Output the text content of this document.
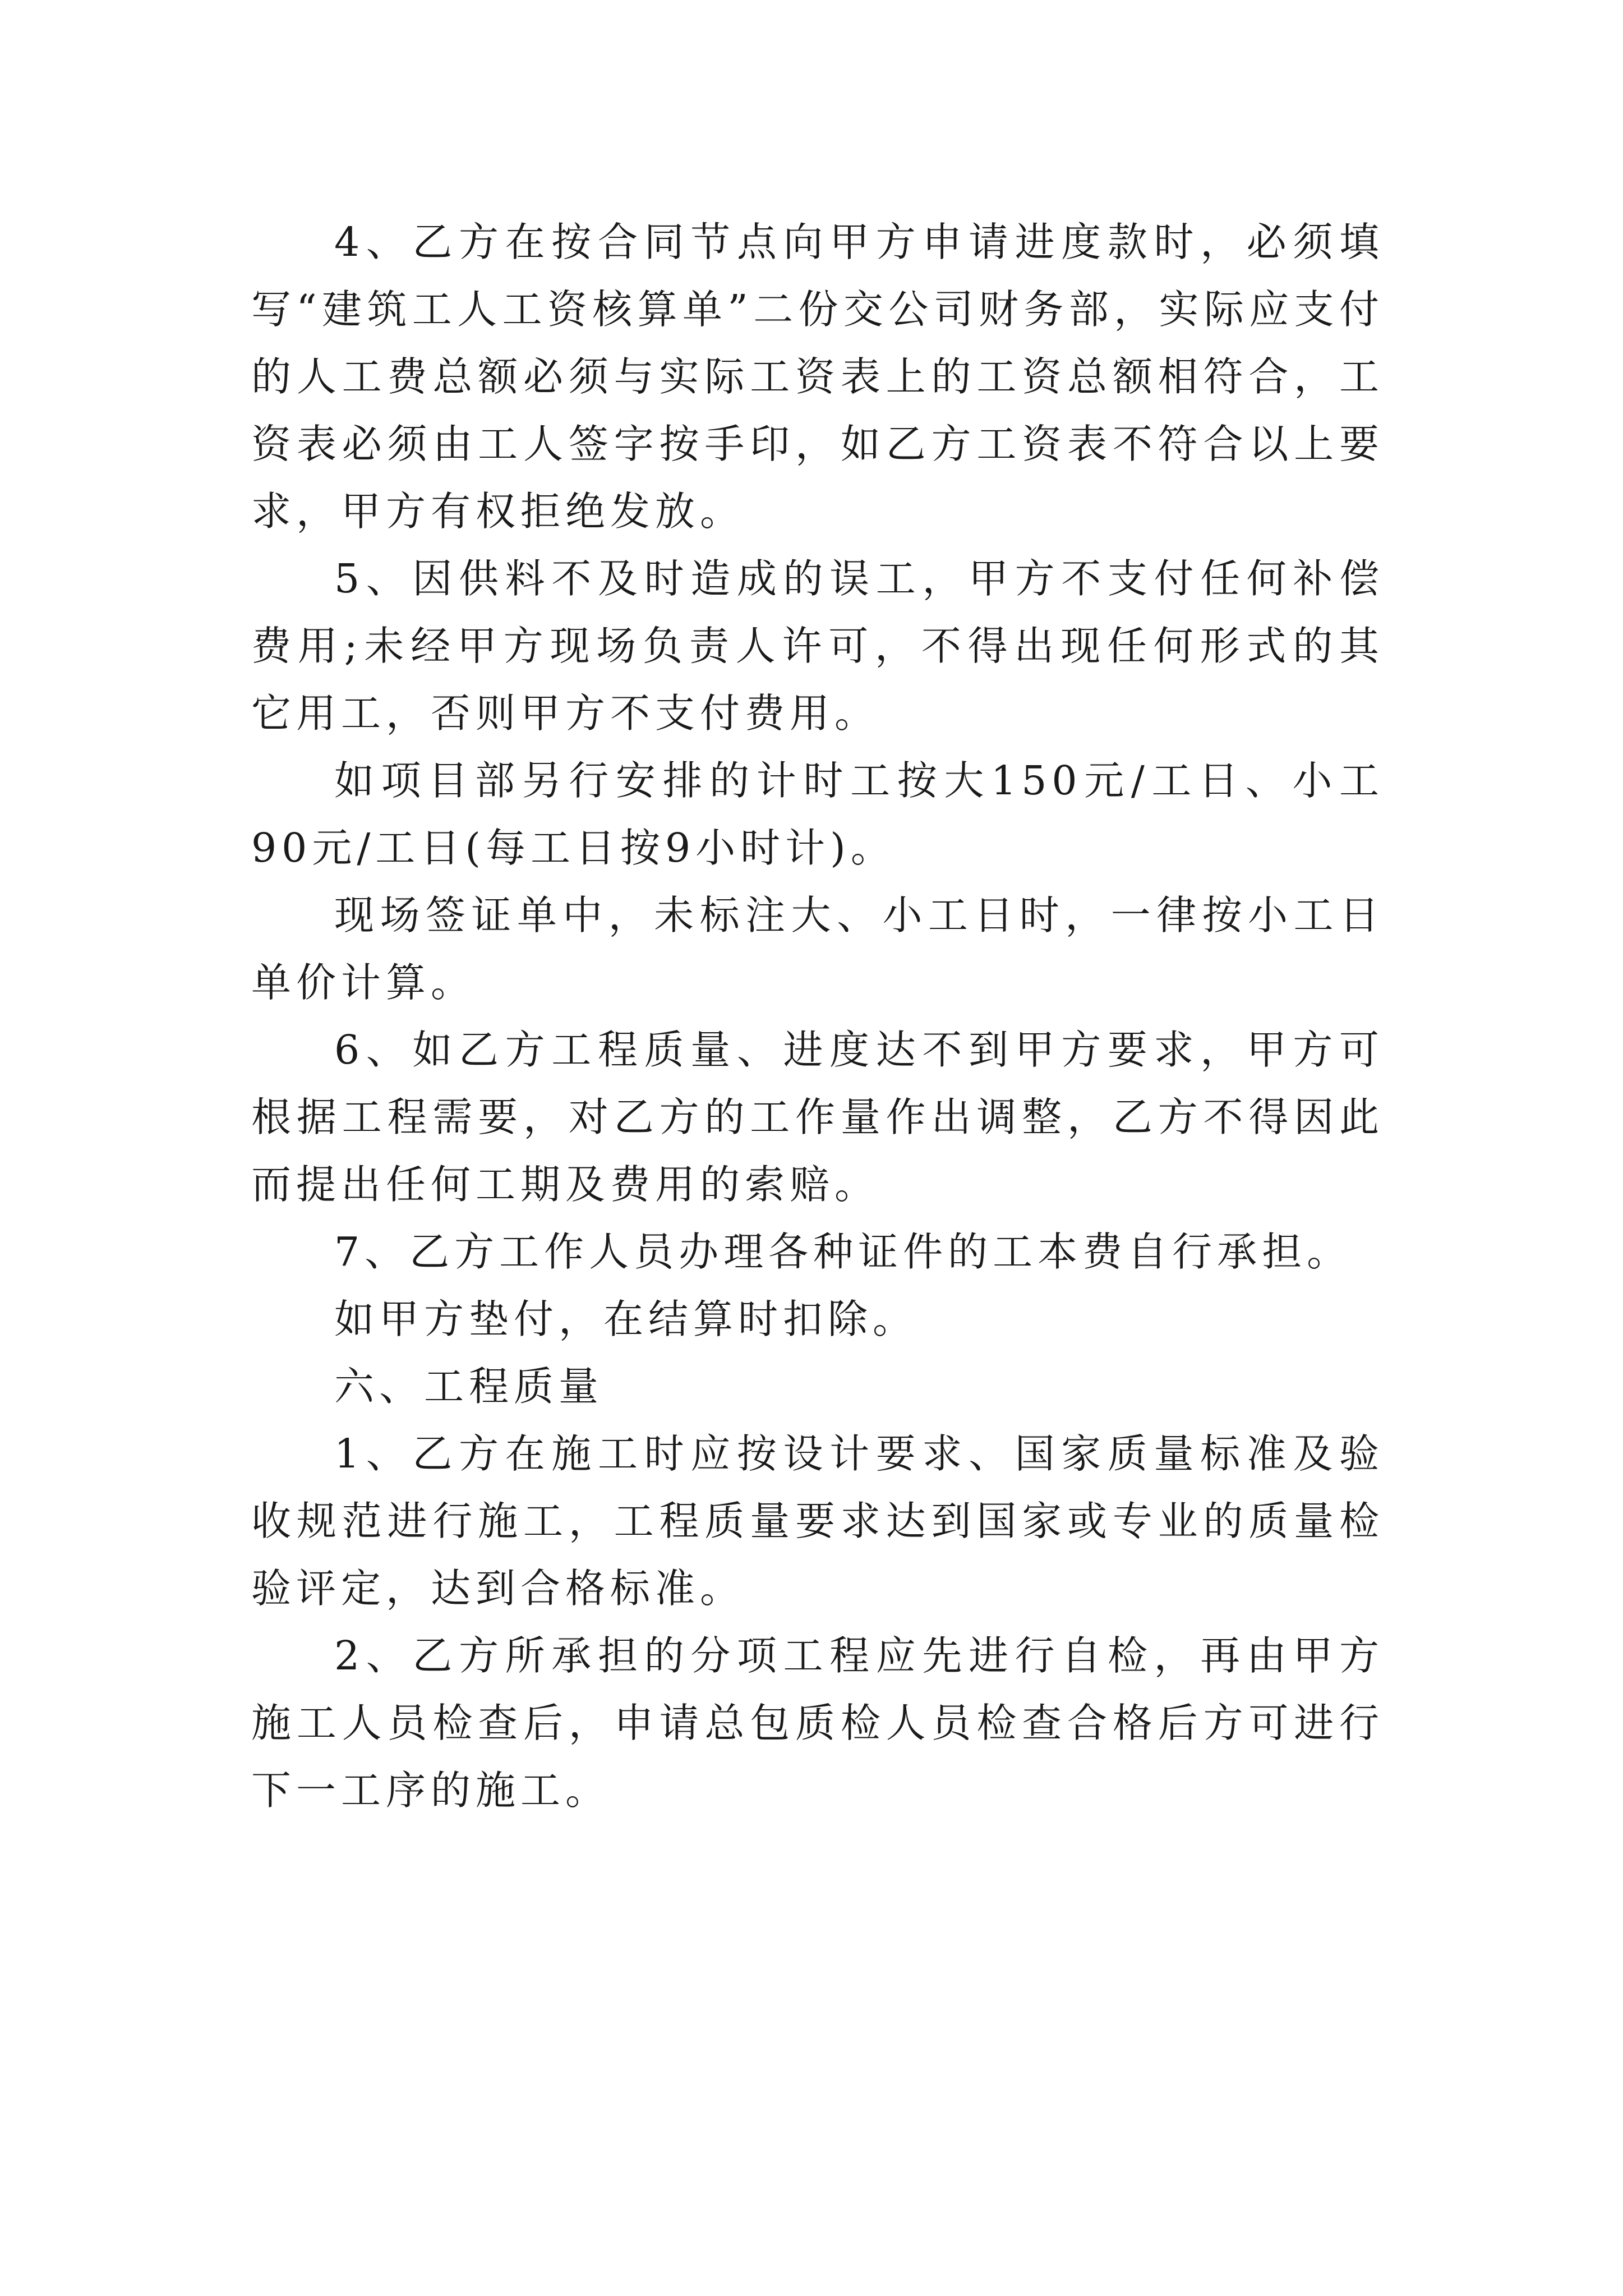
4、乙方在按合同节点向甲方申请进度款时，必须填写“建筑工人工资核算单”二份交公司财务部，实际应支付的人工费总额必须与实际工资表上的工资总额相符合，工资表必须由工人签字按手印，如乙方工资表不符合以上要求，甲方有权拒绝发放。

5、因供料不及时造成的误工，甲方不支付任何补偿费用;未经甲方现场负责人许可，不得出现任何形式的其它用工，否则甲方不支付费用。

如项目部另行安排的计时工按大150元/工日、小工90元/工日(每工日按9小时计)。

现场签证单中，未标注大、小工日时，一律按小工日单价计算。

6、如乙方工程质量、进度达不到甲方要求，甲方可根据工程需要，对乙方的工作量作出调整，乙方不得因此而提出任何工期及费用的索赔。

7、乙方工作人员办理各种证件的工本费自行承担。

如甲方垫付，在结算时扣除。

六、工程质量

1、乙方在施工时应按设计要求、国家质量标准及验收规范进行施工，工程质量要求达到国家或专业的质量检验评定，达到合格标准。

2、乙方所承担的分项工程应先进行自检，再由甲方施工人员检查后，申请总包质检人员检查合格后方可进行下一工序的施工。
